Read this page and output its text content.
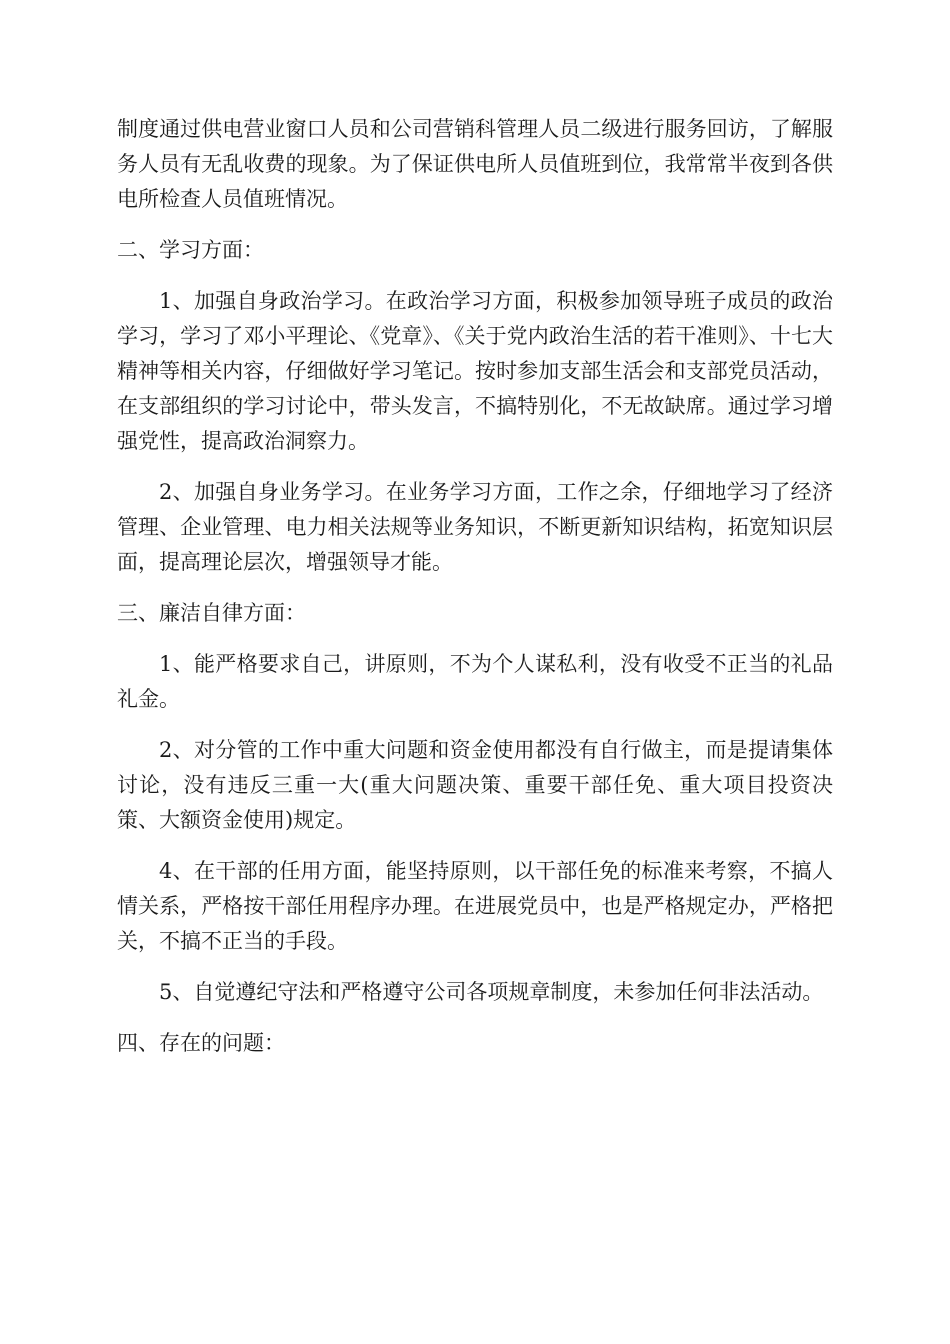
制度通过供电营业窗口人员和公司营销科管理人员二级进行服务回访，了解服务人员有无乱收费的现象。为了保证供电所人员值班到位，我常常半夜到各供电所检查人员值班情况。

二、学习方面：

1、加强自身政治学习。在政治学习方面，积极参加领导班子成员的政治学习，学习了邓小平理论、《党章》、《关于党内政治生活的若干准则》、十七大精神等相关内容，仔细做好学习笔记。按时参加支部生活会和支部党员活动，在支部组织的学习讨论中，带头发言，不搞特别化，不无故缺席。通过学习增强党性，提高政治洞察力。

2、加强自身业务学习。在业务学习方面，工作之余，仔细地学习了经济管理、企业管理、电力相关法规等业务知识，不断更新知识结构，拓宽知识层面，提高理论层次，增强领导才能。

三、廉洁自律方面：

1、能严格要求自己，讲原则，不为个人谋私利，没有收受不正当的礼品礼金。

2、对分管的工作中重大问题和资金使用都没有自行做主，而是提请集体讨论，没有违反三重一大(重大问题决策、重要干部任免、重大项目投资决策、大额资金使用)规定。

4、在干部的任用方面，能坚持原则，以干部任免的标准来考察，不搞人情关系，严格按干部任用程序办理。在进展党员中，也是严格规定办，严格把关，不搞不正当的手段。

5、自觉遵纪守法和严格遵守公司各项规章制度，未参加任何非法活动。

四、存在的问题：
